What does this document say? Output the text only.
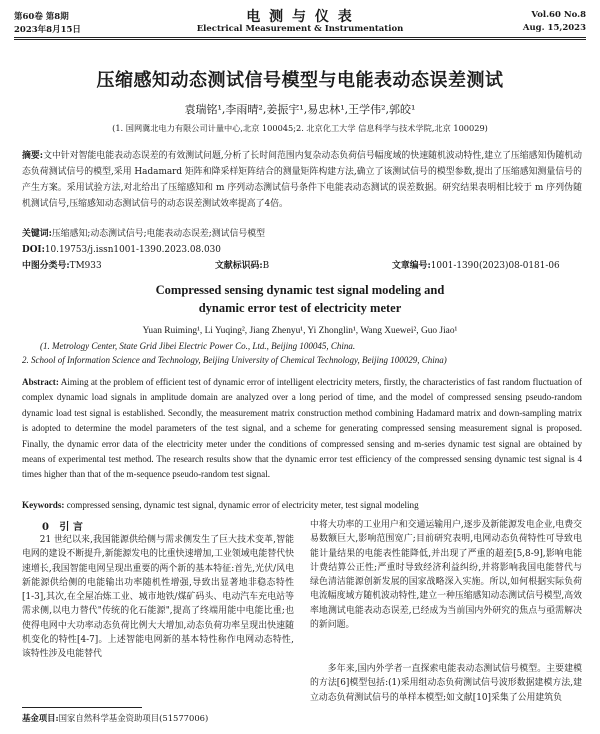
第60卷 第8期
2023年8月15日
电 测 与 仪 表
Electrical Measurement & Instrumentation
Vol.60 No.8
Aug. 15,2023
压缩感知动态测试信号模型与电能表动态误差测试
袁瑞铭¹,李雨晴²,姜振宇¹,易忠林¹,王学伟²,郭皎¹
(1. 国网冀北电力有限公司计量中心,北京 100045;2. 北京化工大学 信息科学与技术学院,北京 100029)
摘要:文中针对智能电能表动态误差的有效测试问题,分析了长时间范围内复杂动态负荷信号幅度域的快速随机波动特性,建立了压缩感知伪随机动态负荷测试信号的模型,采用 Hadamard 矩阵和降采样矩阵结合的测量矩阵构建方法,确立了该测试信号的模型参数,提出了压缩感知测量信号的产生方案。采用试验方法,对北给出了压缩感知和 m 序列动态测试信号条件下电能表动态测试的误差数据。研究结果表明相比较于 m 序列伪随机测试信号,压缩感知动态测试信号的动态误差测试效率提高了4倍。
关键词:压缩感知;动态测试信号;电能表动态误差;测试信号模型
DOI:10.19753/j.issn1001-1390.2023.08.030
中图分类号:TM933	文献标识码:B	文章编号:1001-1390(2023)08-0181-06
Compressed sensing dynamic test signal modeling and
dynamic error test of electricity meter
Yuan Ruiming¹, Li Yuqing², Jiang Zhenyu¹, Yi Zhonglin¹, Wang Xuewei², Guo Jiao¹
(1. Metrology Center, State Grid Jibei Electric Power Co., Ltd., Beijing 100045, China.
2. School of Information Science and Technology, Beijing University of Chemical Technology, Beijing 100029, China)
Abstract: Aiming at the problem of efficient test of dynamic error of intelligent electricity meters, firstly, the characteristics of fast random fluctuation of complex dynamic load signals in amplitude domain are analyzed over a long period of time, and the model of compressed sensing pseudo-random dynamic load test signal is established. Secondly, the measurement matrix construction method combining Hadamard matrix and down-sampling matrix is adopted to determine the model parameters of the test signal, and a scheme for generating compressed sensing measurement signal is proposed. Finally, the dynamic error data of the electricity meter under the conditions of compressed sensing and m-series dynamic test signal are obtained by means of experimental test method. The research results show that the dynamic error test efficiency of the compressed sensing dynamic test signal is 4 times higher than that of the m-sequence pseudo-random test signal.
Keywords: compressed sensing, dynamic test signal, dynamic error of electricity meter, test signal modeling
0 引 言
21 世纪以来,我国能源供给侧与需求侧发生了巨大技术变革,智能电网的建设不断提升,新能源发电的比重快速增加,工业领域电能替代快速增长,我国智能电网呈现出重要的两个新的基本特征:首先,光伏/风电新能源供给侧的电能输出功率随机性增强,导致出显著地非稳态特性[1-3],其次,在全屋冶炼工业、城市地铁/煤矿码头、电动汽车充电站等需求侧,以电力替代"传统的化石能源",提高了终端用能中电能比重;也使得电网中大功率动态负荷比例大大增加,动态负荷功率呈现出快速随机变化的特性[4-7]。上述智能电网新的基本特性称作电网动态特性,该特性涉及电能替代
中将大功率的工业用户和交通运输用户,逐步及新能源发电企业,电费交易数额巨大,影响范围宽广;目前研究表明,电网动态负荷特性可导致电能计量结果的电能表性能降低,并出现了严重的超差[5,8-9],影响电能计费结算公正性;严重时导致经济利益纠纷,并将影响我国电能替代与绿色清洁能源创新发展的国家战略深入实施。所以,如何根据实际负荷电流幅度域方随机波动特性,建立一种压缩感知动态测试信号模型,高效率地测试电能表动态误差,已经成为当前国内外研究的焦点与亟需解决的新问题。
多年来,国内外学者一直探索电能表动态测试信号模型。主要建模的方法[6]模型包括:(1)采用组动态负荷测试信号波形数据建模方法,建立动态负荷测试信号的单样本模型;如文献[10]采集了公用建筑负
基金项目:国家自然科学基金资助项目(51577006)
